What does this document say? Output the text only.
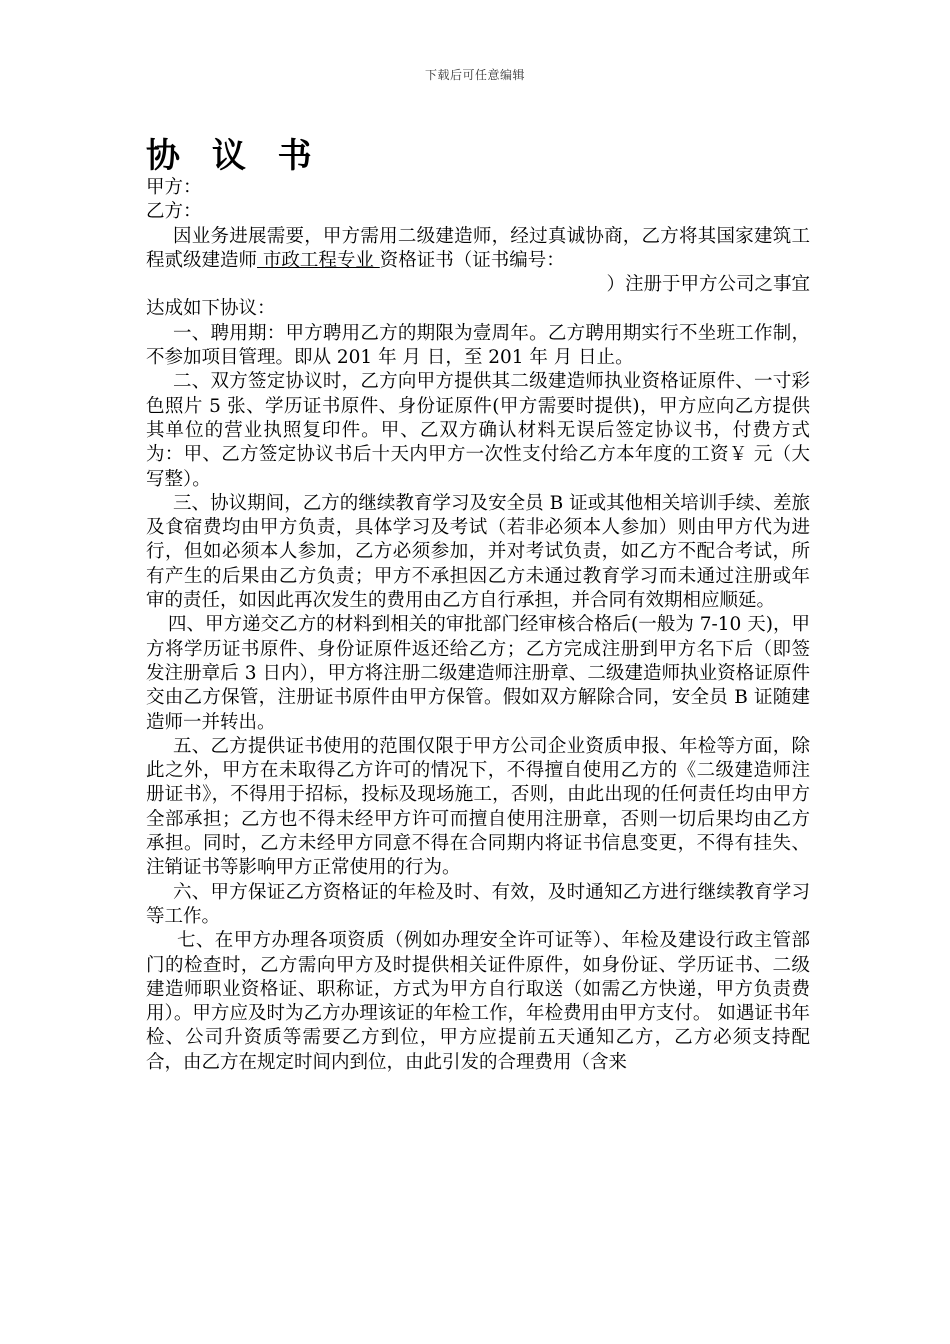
下载后可任意编辑
协 议 书

甲方：

乙方：

因业务进展需要，甲方需用二级建造师，经过真诚协商，乙方将其国家建筑工程贰级建造师 市政工程专业 资格证书（证书编号：
）注册于甲方公司之事宜

达成如下协议：

一、聘用期：甲方聘用乙方的期限为壹周年。乙方聘用期实行不坐班工作制，不参加项目管理。即从 201 年 月 日，至 201 年 月 日止。

二、双方签定协议时，乙方向甲方提供其二级建造师执业资格证原件、一寸彩色照片 5 张、学历证书原件、身份证原件(甲方需要时提供)，甲方应向乙方提供其单位的营业执照复印件。甲、乙双方确认材料无误后签定协议书，付费方式为：甲、乙方签定协议书后十天内甲方一次性支付给乙方本年度的工资￥ 元（大写整）。

三、协议期间，乙方的继续教育学习及安全员 B 证或其他相关培训手续、差旅及食宿费均由甲方负责，具体学习及考试（若非必须本人参加）则由甲方代为进行，但如必须本人参加，乙方必须参加，并对考试负责，如乙方不配合考试，所有产生的后果由乙方负责；甲方不承担因乙方未通过教育学习而未通过注册或年审的责任，如因此再次发生的费用由乙方自行承担，并合同有效期相应顺延。

四、甲方递交乙方的材料到相关的审批部门经审核合格后(一般为 7-10 天)，甲方将学历证书原件、身份证原件返还给乙方；乙方完成注册到甲方名下后（即签发注册章后 3 日内），甲方将注册二级建造师注册章、二级建造师执业资格证原件交由乙方保管，注册证书原件由甲方保管。假如双方解除合同，安全员 B 证随建造师一并转出。

五、乙方提供证书使用的范围仅限于甲方公司企业资质申报、年检等方面，除此之外，甲方在未取得乙方许可的情况下，不得擅自使用乙方的《二级建造师注册证书》，不得用于招标，投标及现场施工，否则，由此出现的任何责任均由甲方全部承担；乙方也不得未经甲方许可而擅自使用注册章，否则一切后果均由乙方承担。同时，乙方未经甲方同意不得在合同期内将证书信息变更，不得有挂失、注销证书等影响甲方正常使用的行为。

六、甲方保证乙方资格证的年检及时、有效，及时通知乙方进行继续教育学习等工作。

七、在甲方办理各项资质（例如办理安全许可证等）、年检及建设行政主管部门的检查时，乙方需向甲方及时提供相关证件原件，如身份证、学历证书、二级建造师职业资格证、职称证，方式为甲方自行取送（如需乙方快递，甲方负责费用）。甲方应及时为乙方办理该证的年检工作，年检费用由甲方支付。 如遇证书年检、公司升资质等需要乙方到位，甲方应提前五天通知乙方，乙方必须支持配合，由乙方在规定时间内到位，由此引发的合理费用（含来
